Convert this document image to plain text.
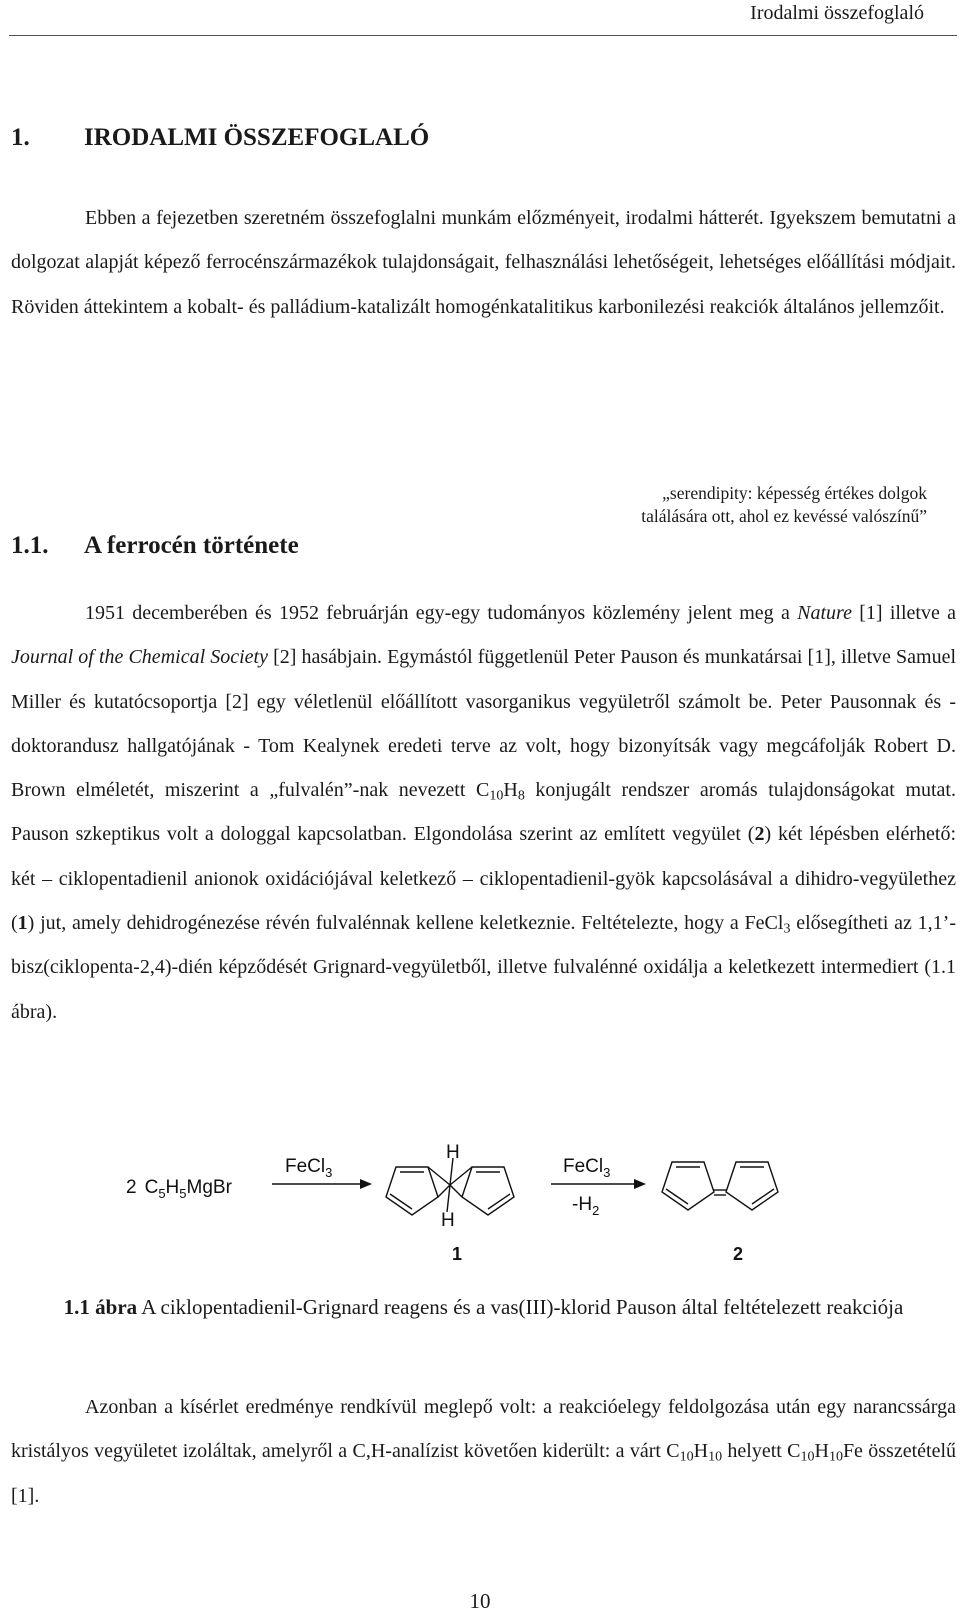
Irodalmi összefoglaló
1. IRODALMI ÖSSZEFOGLALÓ

Ebben a fejezetben szeretném összefoglalni munkám előzményeit, irodalmi hátterét. Igyekszem bemutatni a dolgozat alapját képező ferrocénszármazékok tulajdonságait, felhasználási lehetőségeit, lehetséges előállítási módjait. Röviden áttekintem a kobalt- és palládium-katalizált homogénkatalitikus karbonilezési reakciók általános jellemzőit.

„serendipity: képesség értékes dolgok
találására ott, ahol ez kevéssé valószínű”
1.1. A ferrocén története

1951 decemberében és 1952 februárján egy-egy tudományos közlemény jelent meg a Nature [1] illetve a Journal of the Chemical Society [2] hasábjain. Egymástól függetlenül Peter Pauson és munkatársai [1], illetve Samuel Miller és kutatócsoportja [2] egy véletlenül előállított vasorganikus vegyületről számolt be. Peter Pausonnak és - doktorandusz hallgatójának - Tom Kealynek eredeti terve az volt, hogy bizonyítsák vagy megcáfolják Robert D. Brown elméletét, miszerint a „fulvalén”-nak nevezett $C_{10}H_8$ konjugált rendszer aromás tulajdonságokat mutat. Pauson szkeptikus volt a dologgal kapcsolatban. Elgondolása szerint az említett vegyület (2) két lépésben elérhető: két – ciklopentadienil anionok oxidációjával keletkező – ciklopentadienil-gyök kapcsolásával a dihidro-vegyülethez (1) jut, amely dehidrogénezése révén fulvalénnak kellene keletkeznie. Feltételezte, hogy a FeCl$_3$ elősegítheti az 1,1’-bisz(ciklopenta-2,4)-dién képződését Grignard-vegyületből, illetve fulvalénné oxidálja a keletkezett intermediert (1.1 ábra).

2 $C_5H_5MgBr$
FeCl$_3$
H
H
FeCl$_3$
$-H_2$
1	2
1.1 ábra A ciklopentadienil-Grignard reagens és a vas(III)-klorid Pauson által feltételezett reakciója

Azonban a kísérlet eredménye rendkívül meglepő volt: a reakcióelegy feldolgozása után egy narancssárga kristályos vegyületet izoláltak, amelyről a C,H-analízist követően kiderült: a várt $C_{10}H_{10}$ helyett $C_{10}H_{10}Fe$ összetételű [1].

10
